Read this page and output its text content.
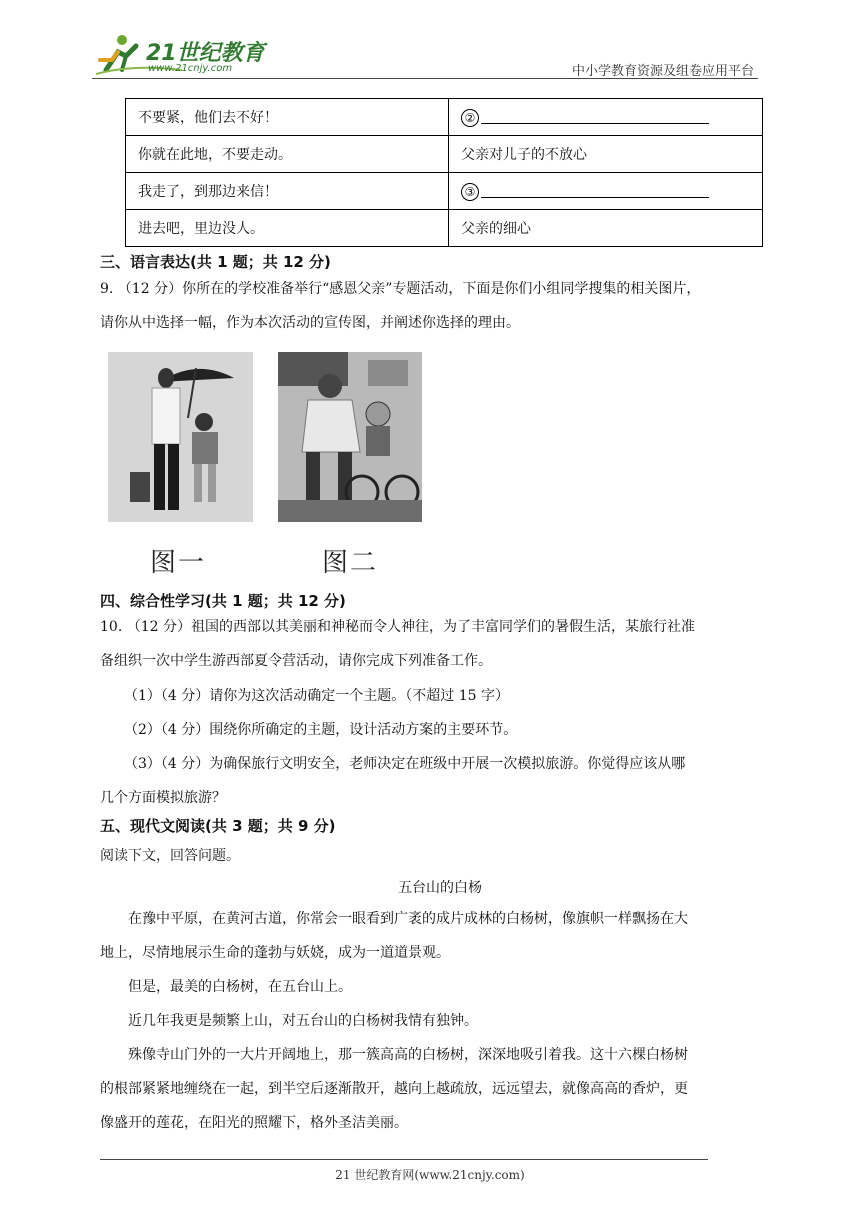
21世纪教育
www.21cnjy.com	中小学教育资源及组卷应用平台
不要紧，他们去不好！	②
你就在此地，不要走动。	父亲对儿子的不放心
我走了，到那边来信！	③
进去吧，里边没人。	父亲的细心
三、语言表达(共 1 题；共 12 分)
9. （12 分）你所在的学校准备举行“感恩父亲”专题活动，下面是你们小组同学搜集的相关图片，
请你从中选择一幅，作为本次活动的宣传图，并阐述你选择的理由。
图一	图二
四、综合性学习(共 1 题；共 12 分)
10. （12 分）祖国的西部以其美丽和神秘而令人神往，为了丰富同学们的暑假生活，某旅行社准
备组织一次中学生游西部夏令营活动，请你完成下列准备工作。
（1）（4 分）请你为这次活动确定一个主题。（不超过 15 字）
（2）（4 分）围绕你所确定的主题，设计活动方案的主要环节。
（3）（4 分）为确保旅行文明安全，老师决定在班级中开展一次模拟旅游。你觉得应该从哪
几个方面模拟旅游？
五、现代文阅读(共 3 题；共 9 分)
阅读下文，回答问题。
五台山的白杨
在豫中平原，在黄河古道，你常会一眼看到广袤的成片成林的白杨树，像旗帜一样飘扬在大
地上，尽情地展示生命的蓬勃与妖娆，成为一道道景观。
但是，最美的白杨树，在五台山上。
近几年我更是频繁上山，对五台山的白杨树我情有独钟。
殊像寺山门外的一大片开阔地上，那一簇高高的白杨树，深深地吸引着我。这十六棵白杨树
的根部紧紧地缠绕在一起，到半空后逐渐散开，越向上越疏放，远远望去，就像高高的香炉，更
像盛开的莲花，在阳光的照耀下，格外圣洁美丽。
21 世纪教育网(www.21cnjy.com)
